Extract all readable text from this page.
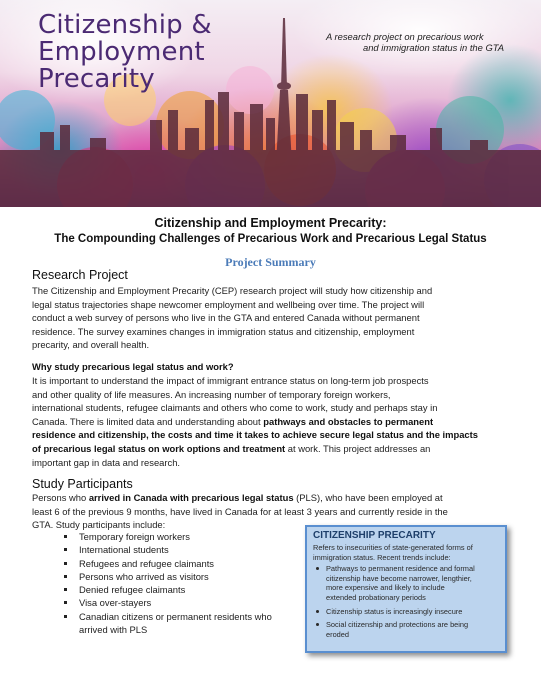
Citizenship &
Employment
Precarity

A research project on precarious work
and immigration status in the GTA

Citizenship and Employment Precarity:
The Compounding Challenges of Precarious Work and Precarious Legal Status
Project Summary
Research Project
The Citizenship and Employment Precarity (CEP) research project will study how citizenship and
legal status trajectories shape newcomer employment and wellbeing over time. The project will
conduct a web survey of persons who live in the GTA and entered Canada without permanent
residence. The survey examines changes in immigration status and citizenship, employment
precarity, and overall health.
Why study precarious legal status and work?
It is important to understand the impact of immigrant entrance status on long-term job prospects
and other quality of life measures. An increasing number of temporary foreign workers,
international students, refugee claimants and others who come to work, study and perhaps stay in
Canada. There is limited data and understanding about pathways and obstacles to permanent
residence and citizenship, the costs and time it takes to achieve secure legal status and the impacts
of precarious legal status on work options and treatment at work. This project addresses an
important gap in data and research.
Study Participants
Persons who arrived in Canada with precarious legal status (PLS), who have been employed at
least 6 of the previous 9 months, have lived in Canada for at least 3 years and currently reside in the
GTA. Study participants include:
Temporary foreign workers
International students
Refugees and refugee claimants
Persons who arrived as visitors
Denied refugee claimants
Visa over-stayers
Canadian citizens or permanent residents who
arrived with PLS

CITIZENSHIP PRECARITY

Refers to insecurities of state-generated forms of
immigration status. Recent trends include:

Pathways to permanent residence and formal
citizenship have become narrower, lengthier,
more expensive and likely to include
extended probationary periods
Citizenship status is increasingly insecure
Social citizenship and protections are being
eroded
